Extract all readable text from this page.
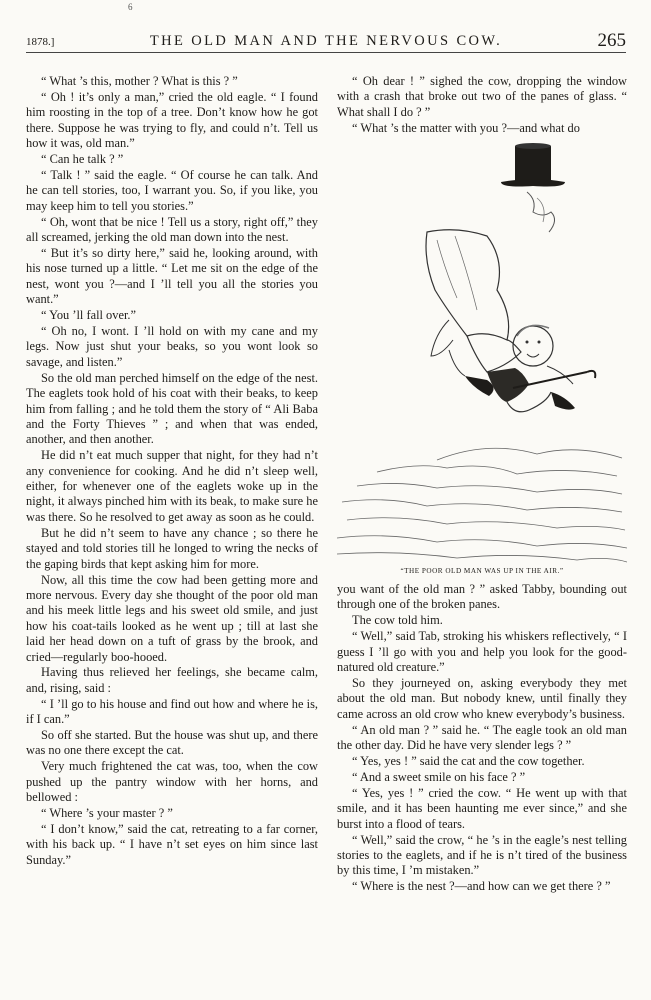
6
1878.]	THE OLD MAN AND THE NERVOUS COW.	265

“ What ’s this, mother ? What is this ? ”

“ Oh ! it’s only a man,” cried the old eagle. “ I found him roosting in the top of a tree. Don’t know how he got there. Suppose he was trying to fly, and could n’t. Tell us how it was, old man.”

“ Can he talk ? ”

“ Talk ! ” said the eagle. “ Of course he can talk. And he can tell stories, too, I warrant you. So, if you like, you may keep him to tell you stories.”

“ Oh, wont that be nice ! Tell us a story, right off,” they all screamed, jerking the old man down into the nest.

“ But it’s so dirty here,” said he, looking around, with his nose turned up a little. “ Let me sit on the edge of the nest, wont you ?—and I ’ll tell you all the stories you want.”

“ You ’ll fall over.”

“ Oh no, I wont. I ’ll hold on with my cane and my legs. Now just shut your beaks, so you wont look so savage, and listen.”

So the old man perched himself on the edge of the nest. The eaglets took hold of his coat with their beaks, to keep him from falling ; and he told them the story of “ Ali Baba and the Forty Thieves ” ; and when that was ended, another, and then another.

He did n’t eat much supper that night, for they had n’t any convenience for cooking. And he did n’t sleep well, either, for whenever one of the eaglets woke up in the night, it always pinched him with its beak, to make sure he was there. So he resolved to get away as soon as he could.

But he did n’t seem to have any chance ; so there he stayed and told stories till he longed to wring the necks of the gaping birds that kept asking him for more.

Now, all this time the cow had been getting more and more nervous. Every day she thought of the poor old man and his meek little legs and his sweet old smile, and just how his coat-tails looked as he went up ; till at last she laid her head down on a tuft of grass by the brook, and cried—regularly boo-hooed.

Having thus relieved her feelings, she became calm, and, rising, said :

“ I ’ll go to his house and find out how and where he is, if I can.”

So off she started. But the house was shut up, and there was no one there except the cat.

Very much frightened the cat was, too, when the cow pushed up the pantry window with her horns, and bellowed :

“ Where ’s your master ? ”

“ I don’t know,” said the cat, retreating to a far corner, with his back up. “ I have n’t set eyes on him since last Sunday.”

“ Oh dear ! ” sighed the cow, dropping the window with a crash that broke out two of the panes of glass. “ What shall I do ? ”

“ What ’s the matter with you ?—and what do

“THE POOR OLD MAN WAS UP IN THE AIR.”

you want of the old man ? ” asked Tabby, bounding out through one of the broken panes.

The cow told him.

“ Well,” said Tab, stroking his whiskers reflectively, “ I guess I ’ll go with you and help you look for the good-natured old creature.”

So they journeyed on, asking everybody they met about the old man. But nobody knew, until finally they came across an old crow who knew everybody’s business.

“ An old man ? ” said he. “ The eagle took an old man the other day. Did he have very slender legs ? ”

“ Yes, yes ! ” said the cat and the cow together.

“ And a sweet smile on his face ? ”

“ Yes, yes ! ” cried the cow. “ He went up with that smile, and it has been haunting me ever since,” and she burst into a flood of tears.

“ Well,” said the crow, “ he ’s in the eagle’s nest telling stories to the eaglets, and if he is n’t tired of the business by this time, I ’m mistaken.”

“ Where is the nest ?—and how can we get there ? ”
